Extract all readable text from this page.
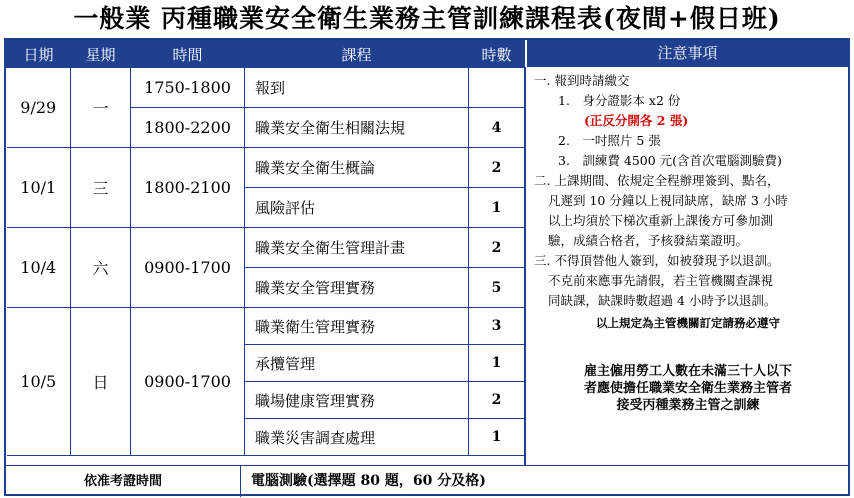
一般業 丙種職業安全衛生業務主管訓練課程表(夜間+假日班)
日期	星期	時間	課程	時數
9/29	一	1750-1800	報到	
		1800-2200	職業安全衛生相關法規	4
10/1	三	1800-2100	職業安全衛生概論	2
			風險評估	1
10/4	六	0900-1700	職業安全衛生管理計畫	2
			職業安全管理實務	5
10/5	日	0900-1700	職業衛生管理實務	3
			承攬管理	1
			職場健康管理實務	2
			職業災害調查處理	1
注意事項
一. 報到時請繳交
1.　身分證影本 x2 份
(正反分開各 2 張)
2.　一吋照片 5 張
3.　訓練費 4500 元(含首次電腦測驗費)
二. 上課期間、依規定全程辦理簽到、點名，
凡遲到 10 分鐘以上視同缺席，缺席 3 小時
以上均須於下梯次重新上課後方可參加測
驗，成績合格者，予核發結業證明。
三. 不得頂替他人簽到，如被發現予以退訓。
不克前來應事先請假，若主管機關查課視
同缺課，缺課時數超過 4 小時予以退訓。
以上規定為主管機關訂定請務必遵守
雇主僱用勞工人數在未滿三十人以下
者應使擔任職業安全衛生業務主管者
接受丙種業務主管之訓練
依准考證時間	電腦測驗(選擇題 80 題，60 分及格)
